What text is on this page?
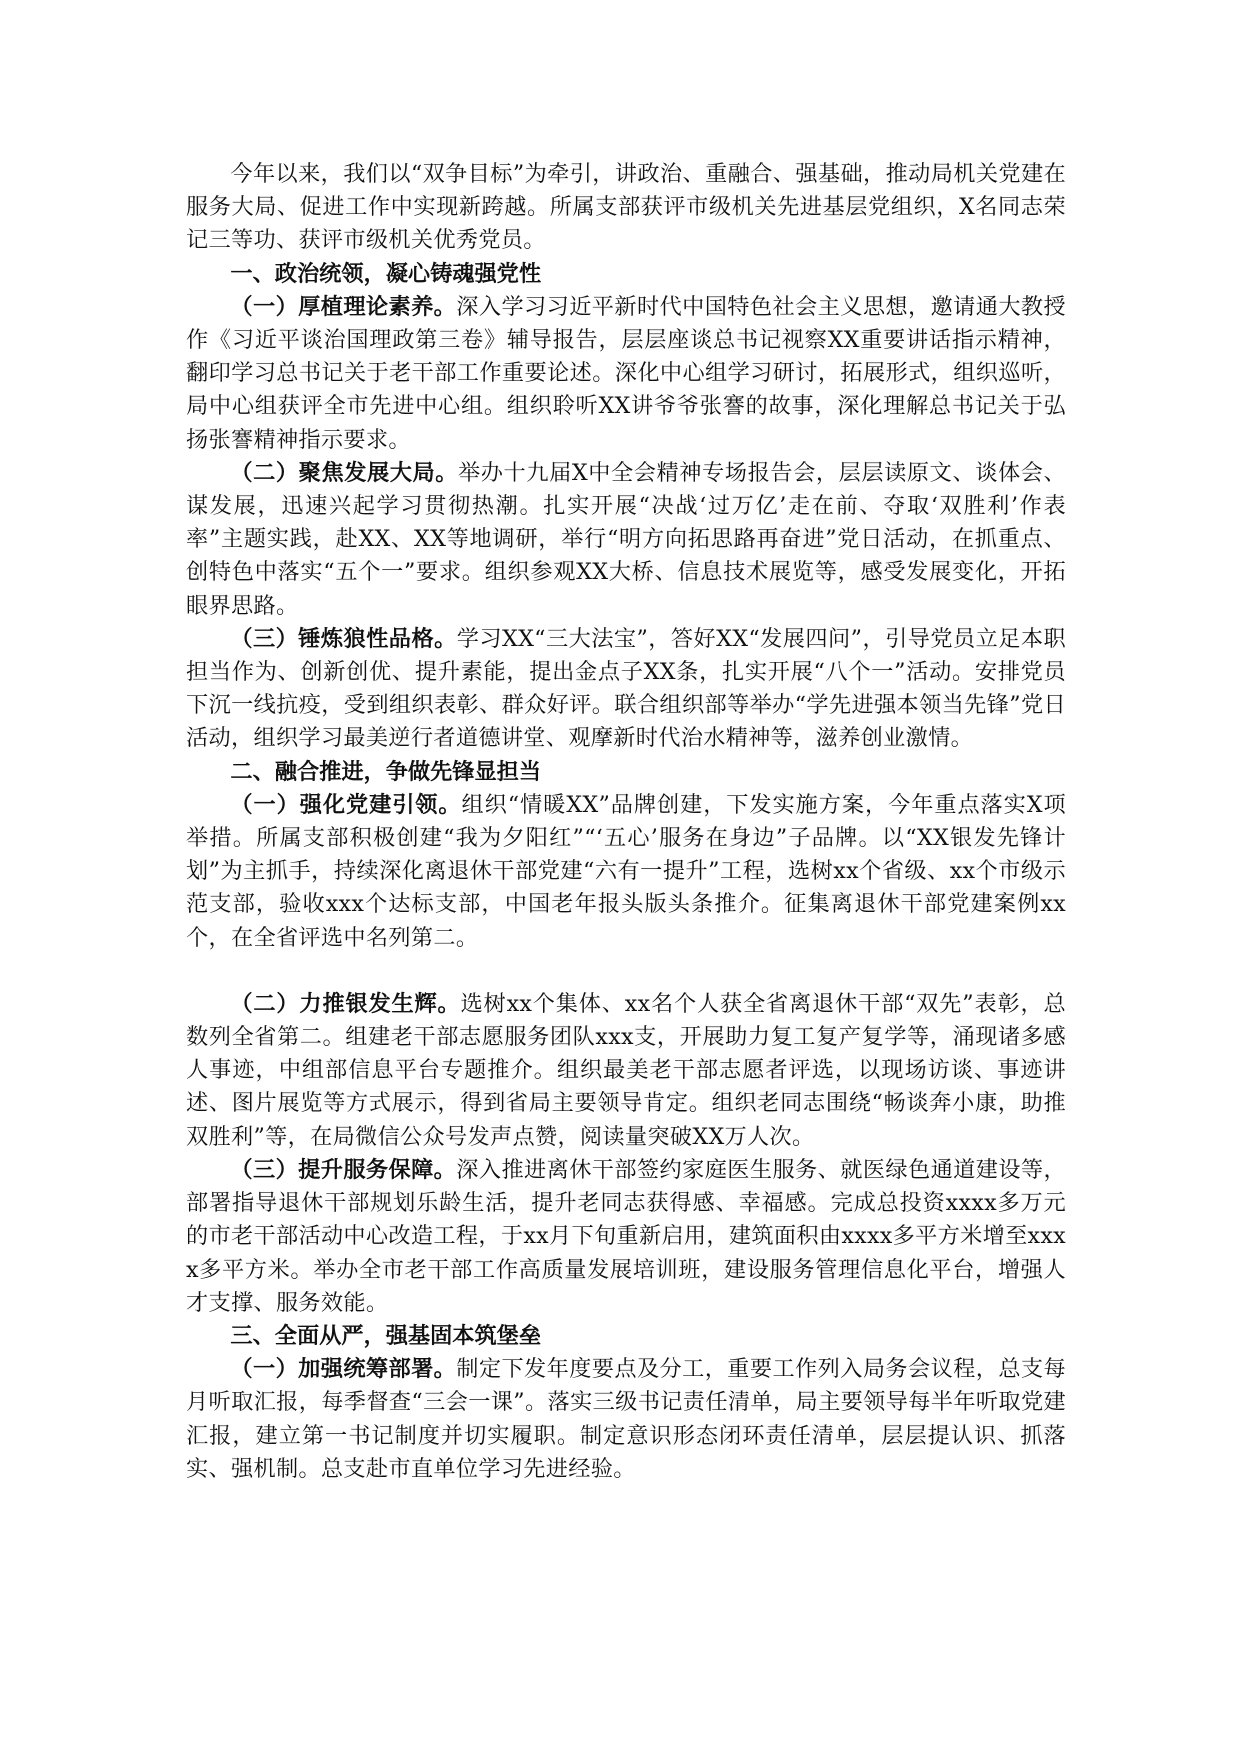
今年以来，我们以“双争目标”为牵引，讲政治、重融合、强基础，推动局机关党建在服务大局、促进工作中实现新跨越。所属支部获评市级机关先进基层党组织，X名同志荣记三等功、获评市级机关优秀党员。

一、政治统领，凝心铸魂强党性

（一）厚植理论素养。深入学习习近平新时代中国特色社会主义思想，邀请通大教授作《习近平谈治国理政第三卷》辅导报告，层层座谈总书记视察XX重要讲话指示精神，翻印学习总书记关于老干部工作重要论述。深化中心组学习研讨，拓展形式，组织巡听，局中心组获评全市先进中心组。组织聆听XX讲爷爷张謇的故事，深化理解总书记关于弘扬张謇精神指示要求。

（二）聚焦发展大局。举办十九届X中全会精神专场报告会，层层读原文、谈体会、谋发展，迅速兴起学习贯彻热潮。扎实开展“决战‘过万亿’走在前、夺取‘双胜利’作表率”主题实践，赴XX、XX等地调研，举行“明方向拓思路再奋进”党日活动，在抓重点、创特色中落实“五个一”要求。组织参观XX大桥、信息技术展览等，感受发展变化，开拓眼界思路。

（三）锤炼狼性品格。学习XX“三大法宝”，答好XX“发展四问”，引导党员立足本职担当作为、创新创优、提升素能，提出金点子XX条，扎实开展“八个一”活动。安排党员下沉一线抗疫，受到组织表彰、群众好评。联合组织部等举办“学先进强本领当先锋”党日活动，组织学习最美逆行者道德讲堂、观摩新时代治水精神等，滋养创业激情。

二、融合推进，争做先锋显担当

（一）强化党建引领。组织“情暖XX”品牌创建，下发实施方案，今年重点落实X项举措。所属支部积极创建“我为夕阳红”“‘五心’服务在身边”子品牌。以“XX银发先锋计划”为主抓手，持续深化离退休干部党建“六有一提升”工程，选树xx个省级、xx个市级示范支部，验收xxx个达标支部，中国老年报头版头条推介。征集离退休干部党建案例xx个，在全省评选中名列第二。

（二）力推银发生辉。选树xx个集体、xx名个人获全省离退休干部“双先”表彰，总数列全省第二。组建老干部志愿服务团队xxx支，开展助力复工复产复学等，涌现诸多感人事迹，中组部信息平台专题推介。组织最美老干部志愿者评选，以现场访谈、事迹讲述、图片展览等方式展示，得到省局主要领导肯定。组织老同志围绕“畅谈奔小康，助推双胜利”等，在局微信公众号发声点赞，阅读量突破XX万人次。

（三）提升服务保障。深入推进离休干部签约家庭医生服务、就医绿色通道建设等，部署指导退休干部规划乐龄生活，提升老同志获得感、幸福感。完成总投资xxxx多万元的市老干部活动中心改造工程，于xx月下旬重新启用，建筑面积由xxxx多平方米增至xxxx多平方米。举办全市老干部工作高质量发展培训班，建设服务管理信息化平台，增强人才支撑、服务效能。

三、全面从严，强基固本筑堡垒

（一）加强统筹部署。制定下发年度要点及分工，重要工作列入局务会议程，总支每月听取汇报，每季督查“三会一课”。落实三级书记责任清单，局主要领导每半年听取党建汇报，建立第一书记制度并切实履职。制定意识形态闭环责任清单，层层提认识、抓落实、强机制。总支赴市直单位学习先进经验。
